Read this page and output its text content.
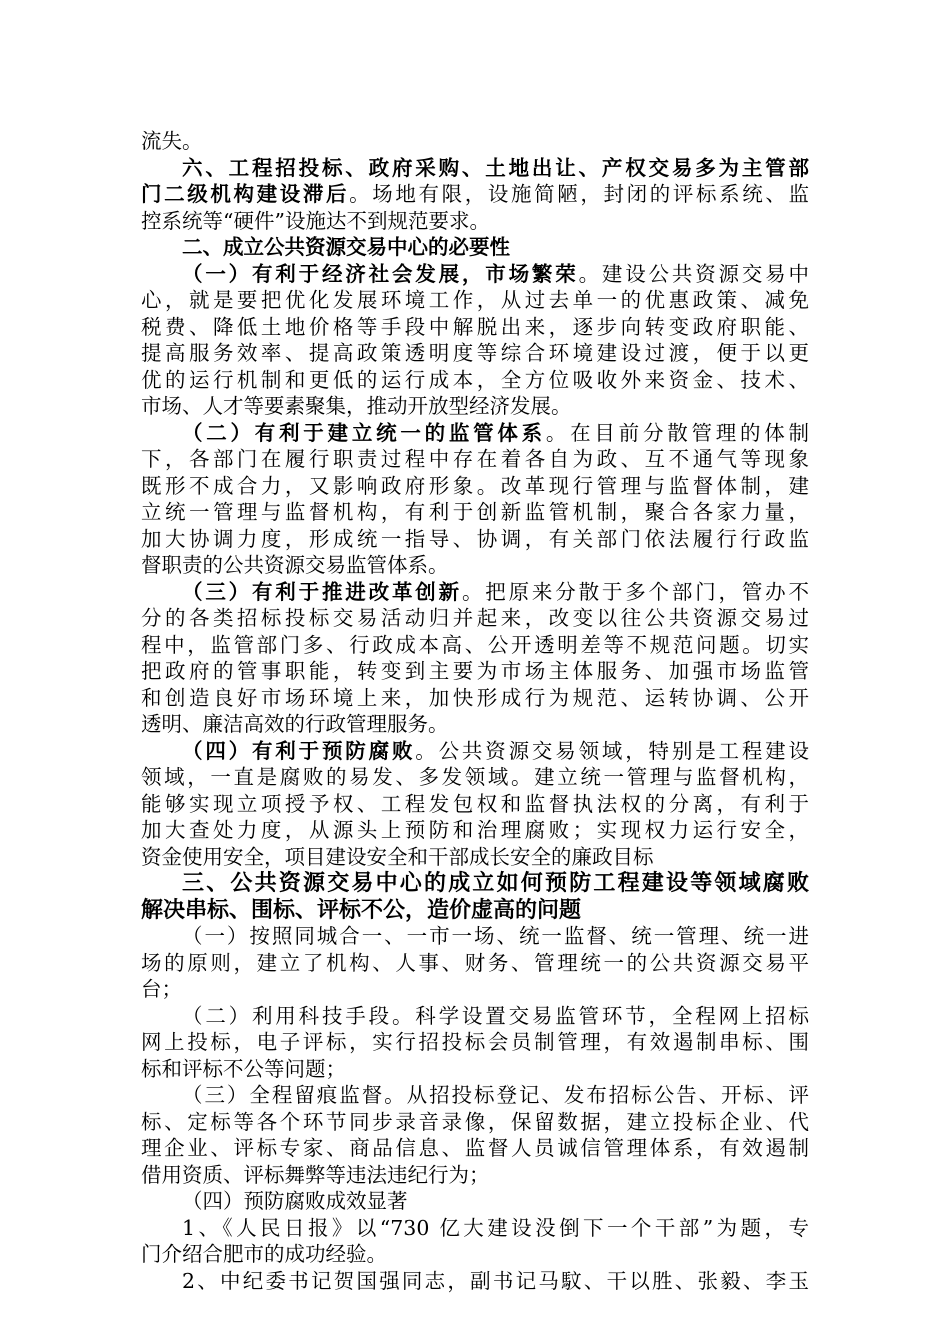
流失。
六、工程招投标、政府采购、土地出让、产权交易多为主管部
门二级机构建设滞后。场地有限，设施简陋，封闭的评标系统、监
控系统等“硬件”设施达不到规范要求。
二、成立公共资源交易中心的必要性
（一）有利于经济社会发展，市场繁荣。建设公共资源交易中
心，就是要把优化发展环境工作，从过去单一的优惠政策、减免
税费、降低土地价格等手段中解脱出来，逐步向转变政府职能、
提高服务效率、提高政策透明度等综合环境建设过渡，便于以更
优的运行机制和更低的运行成本，全方位吸收外来资金、技术、
市场、人才等要素聚集，推动开放型经济发展。
（二）有利于建立统一的监管体系。在目前分散管理的体制
下，各部门在履行职责过程中存在着各自为政、互不通气等现象
既形不成合力，又影响政府形象。改革现行管理与监督体制，建
立统一管理与监督机构，有利于创新监管机制，聚合各家力量，
加大协调力度，形成统一指导、协调，有关部门依法履行行政监
督职责的公共资源交易监管体系。
（三）有利于推进改革创新。把原来分散于多个部门，管办不
分的各类招标投标交易活动归并起来，改变以往公共资源交易过
程中，监管部门多、行政成本高、公开透明差等不规范问题。切实
把政府的管事职能，转变到主要为市场主体服务、加强市场监管
和创造良好市场环境上来，加快形成行为规范、运转协调、公开
透明、廉洁高效的行政管理服务。
（四）有利于预防腐败。公共资源交易领域，特别是工程建设
领域，一直是腐败的易发、多发领域。建立统一管理与监督机构，
能够实现立项授予权、工程发包权和监督执法权的分离，有利于
加大查处力度，从源头上预防和治理腐败；实现权力运行安全，
资金使用安全，项目建设安全和干部成长安全的廉政目标
三、公共资源交易中心的成立如何预防工程建设等领域腐败
解决串标、围标、评标不公，造价虚高的问题
（一）按照同城合一、一市一场、统一监督、统一管理、统一进
场的原则，建立了机构、人事、财务、管理统一的公共资源交易平
台；
（二）利用科技手段。科学设置交易监管环节，全程网上招标
网上投标，电子评标，实行招投标会员制管理，有效遏制串标、围
标和评标不公等问题；
（三）全程留痕监督。从招投标登记、发布招标公告、开标、评
标、定标等各个环节同步录音录像，保留数据，建立投标企业、代
理企业、评标专家、商品信息、监督人员诚信管理体系，有效遏制
借用资质、评标舞弊等违法违纪行为；
（四）预防腐败成效显著
1、《人民日报》以“730 亿大建设没倒下一个干部”为题，专
门介绍合肥市的成功经验。
2、中纪委书记贺国强同志，副书记马馼、干以胜、张毅、李玉
